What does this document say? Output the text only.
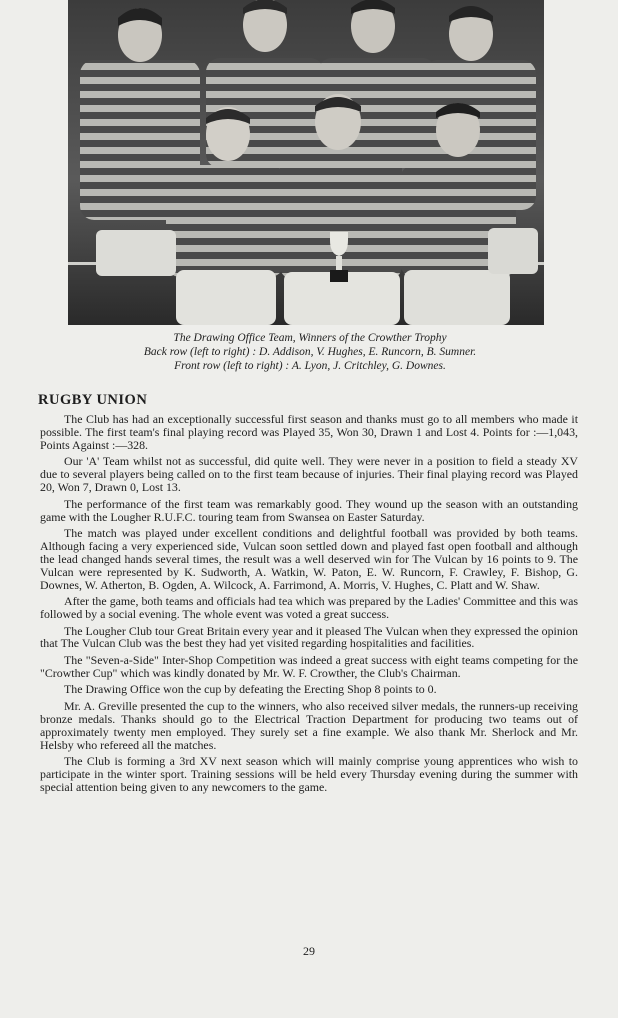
The Drawing Office Team, Winners of the Crowther Trophy
Back row (left to right) : D. Addison, V. Hughes, E. Runcorn, B. Sumner.
Front row (left to right) : A. Lyon, J. Critchley, G. Downes.
RUGBY UNION

The Club has had an exceptionally successful first season and thanks must go to all members who made it possible. The first team's final playing record was Played 35, Won 30, Drawn 1 and Lost 4. Points for :—1,043, Points Against :—328.

Our 'A' Team whilst not as successful, did quite well. They were never in a position to field a steady XV due to several players being called on to the first team because of injuries. Their final playing record was Played 20, Won 7, Drawn 0, Lost 13.

The performance of the first team was remarkably good. They wound up the season with an outstanding game with the Lougher R.U.F.C. touring team from Swansea on Easter Saturday.

The match was played under excellent conditions and delightful football was provided by both teams. Although facing a very experienced side, Vulcan soon settled down and played fast open football and although the lead changed hands several times, the result was a well deserved win for The Vulcan by 16 points to 9. The Vulcan were represented by K. Sudworth, A. Watkin, W. Paton, E. W. Runcorn, F. Crawley, F. Bishop, G. Downes, W. Atherton, B. Ogden, A. Wilcock, A. Farrimond, A. Morris, V. Hughes, C. Platt and W. Shaw.

After the game, both teams and officials had tea which was prepared by the Ladies' Committee and this was followed by a social evening. The whole event was voted a great success.

The Lougher Club tour Great Britain every year and it pleased The Vulcan when they expressed the opinion that The Vulcan Club was the best they had yet visited regarding hospitalities and facilities.

The "Seven-a-Side" Inter-Shop Competition was indeed a great success with eight teams competing for the "Crowther Cup" which was kindly donated by Mr. W. F. Crowther, the Club's Chairman.

The Drawing Office won the cup by defeating the Erecting Shop 8 points to 0.

Mr. A. Greville presented the cup to the winners, who also received silver medals, the runners-up receiving bronze medals. Thanks should go to the Electrical Traction Department for producing two teams out of approximately twenty men employed. They surely set a fine example. We also thank Mr. Sherlock and Mr. Helsby who refereed all the matches.

The Club is forming a 3rd XV next season which will mainly comprise young apprentices who wish to participate in the winter sport. Training sessions will be held every Thursday evening during the summer with special attention being given to any newcomers to the game.

29
